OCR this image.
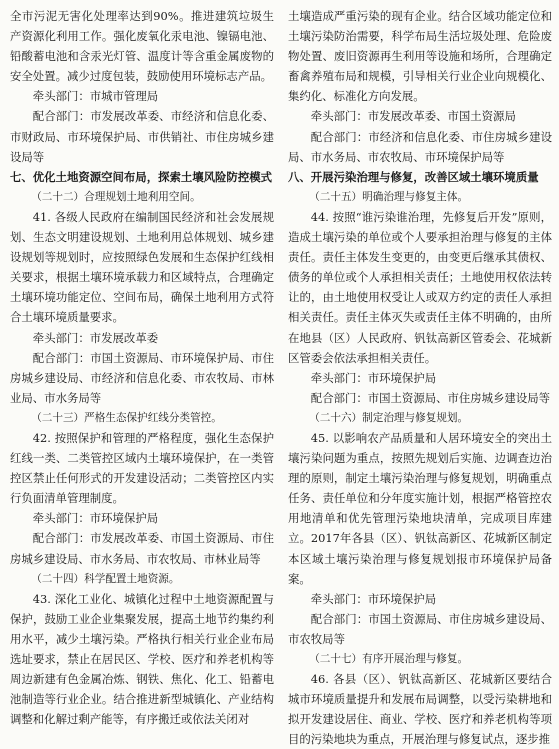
全市污泥无害化处理率达到90%。推进建筑垃圾生产资源化利用工作。强化废氧化汞电池、镍镉电池、铅酸蓄电池和含汞光灯管、温度计等含重金属废物的安全处置。减少过度包装，鼓励使用环境标志产品。

牵头部门：市城市管理局

配合部门：市发展改革委、市经济和信息化委、市财政局、市环境保护局、市供销社、市住房城乡建设局等

七、优化土地资源空间布局，探索土壤风险防控模式

（二十二）合理规划土地利用空间。

41. 各级人民政府在编制国民经济和社会发展规划、生态文明建设规划、土地利用总体规划、城乡建设规划等规划时，应按照绿色发展和生态保护红线相关要求，根据土壤环境承载力和区域特点，合理确定土壤环境功能定位、空间布局，确保土地利用方式符合土壤环境质量要求。

牵头部门：市发展改革委

配合部门：市国土资源局、市环境保护局、市住房城乡建设局、市经济和信息化委、市农牧局、市林业局、市水务局等

（二十三）严格生态保护红线分类管控。

42. 按照保护和管理的严格程度，强化生态保护红线一类、二类管控区域内土壤环境保护，在一类管控区禁止任何形式的开发建设活动；二类管控区内实行负面清单管理制度。

牵头部门：市环境保护局

配合部门：市发展改革委、市国土资源局、市住房城乡建设局、市水务局、市农牧局、市林业局等

（二十四）科学配置土地资源。

43. 深化工业化、城镇化过程中土地资源配置与保护，鼓励工业企业集聚发展，提高土地节约集约利用水平，减少土壤污染。严格执行相关行业企业布局选址要求，禁止在居民区、学校、医疗和养老机构等周边新建有色金属冶炼、钢铁、焦化、化工、铅蓄电池制造等行业企业。结合推进新型城镇化、产业结构调整和化解过剩产能等，有序搬迁或依法关闭对

土壤造成严重污染的现有企业。结合区域功能定位和土壤污染防治需要，科学布局生活垃圾处理、危险废物处置、废旧资源再生利用等设施和场所，合理确定畜禽养殖布局和规模，引导相关行业企业向规模化、集约化、标准化方向发展。

牵头部门：市发展改革委、市国土资源局

配合部门：市经济和信息化委、市住房城乡建设局、市水务局、市农牧局、市环境保护局等

八、开展污染治理与修复，改善区域土壤环境质量

（二十五）明确治理与修复主体。

44. 按照“谁污染谁治理，先修复后开发”原则，造成土壤污染的单位或个人要承担治理与修复的主体责任。责任主体发生变更的，由变更后继承其债权、债务的单位或个人承担相关责任；土地使用权依法转让的，由土地使用权受让人或双方约定的责任人承担相关责任。责任主体灭失或责任主体不明确的，由所在地县（区）人民政府、钒钛高新区管委会、花城新区管委会依法承担相关责任。

牵头部门：市环境保护局

配合部门：市国土资源局、市住房城乡建设局等

（二十六）制定治理与修复规划。

45. 以影响农产品质量和人居环境安全的突出土壤污染问题为重点，按照先规划后实施、边调查边治理的原则，制定土壤污染治理与修复规划，明确重点任务、责任单位和分年度实施计划，根据严格管控农用地清单和优先管理污染地块清单，完成项目库建立。2017年各县（区）、钒钛高新区、花城新区制定本区域土壤污染治理与修复规划报市环境保护局备案。

牵头部门：市环境保护局

配合部门：市国土资源局、市住房城乡建设局、市农牧局等

（二十七）有序开展治理与修复。

46. 各县（区）、钒钛高新区、花城新区要结合城市环境质量提升和发展布局调整，以受污染耕地和拟开发建设居住、商业、学校、医疗和养老机构等项目的污染地块为重点，开展治理与修复试点，逐步推
